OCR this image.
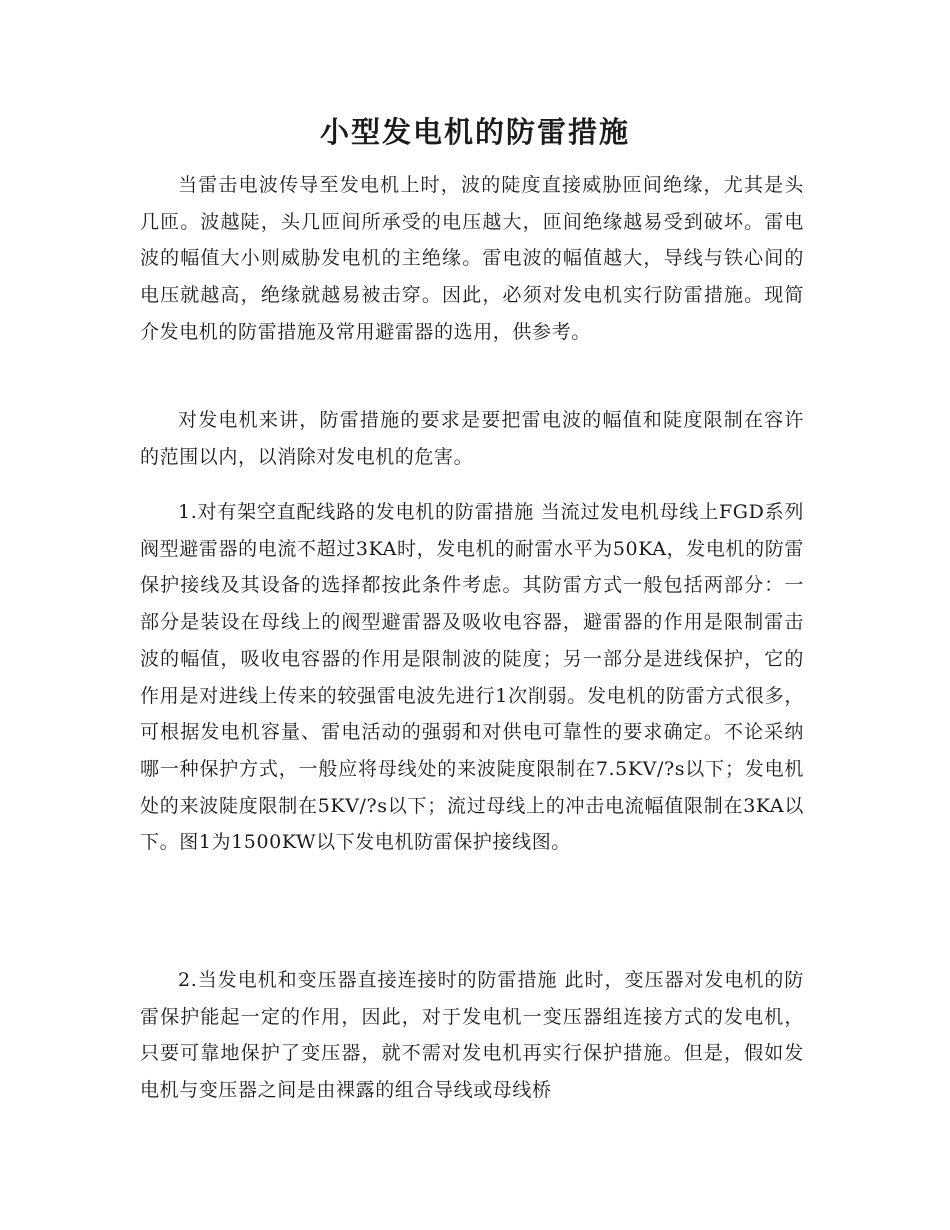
小型发电机的防雷措施

当雷击电波传导至发电机上时，波的陡度直接威胁匝间绝缘，尤其是头几匝。波越陡，头几匝间所承受的电压越大，匝间绝缘越易受到破坏。雷电波的幅值大小则威胁发电机的主绝缘。雷电波的幅值越大，导线与铁心间的电压就越高，绝缘就越易被击穿。因此，必须对发电机实行防雷措施。现简介发电机的防雷措施及常用避雷器的选用，供参考。

对发电机来讲，防雷措施的要求是要把雷电波的幅值和陡度限制在容许的范围以内，以消除对发电机的危害。

1.对有架空直配线路的发电机的防雷措施 当流过发电机母线上FGD系列阀型避雷器的电流不超过3KA时，发电机的耐雷水平为50KA，发电机的防雷保护接线及其设备的选择都按此条件考虑。其防雷方式一般包括两部分：一部分是装设在母线上的阀型避雷器及吸收电容器，避雷器的作用是限制雷击波的幅值，吸收电容器的作用是限制波的陡度；另一部分是进线保护，它的作用是对进线上传来的较强雷电波先进行1次削弱。发电机的防雷方式很多，可根据发电机容量、雷电活动的强弱和对供电可靠性的要求确定。不论采纳哪一种保护方式，一般应将母线处的来波陡度限制在7.5KV/?s以下；发电机处的来波陡度限制在5KV/?s以下；流过母线上的冲击电流幅值限制在3KA以下。图1为1500KW以下发电机防雷保护接线图。

2.当发电机和变压器直接连接时的防雷措施 此时，变压器对发电机的防雷保护能起一定的作用，因此，对于发电机一变压器组连接方式的发电机，只要可靠地保护了变压器，就不需对发电机再实行保护措施。但是，假如发电机与变压器之间是由裸露的组合导线或母线桥
